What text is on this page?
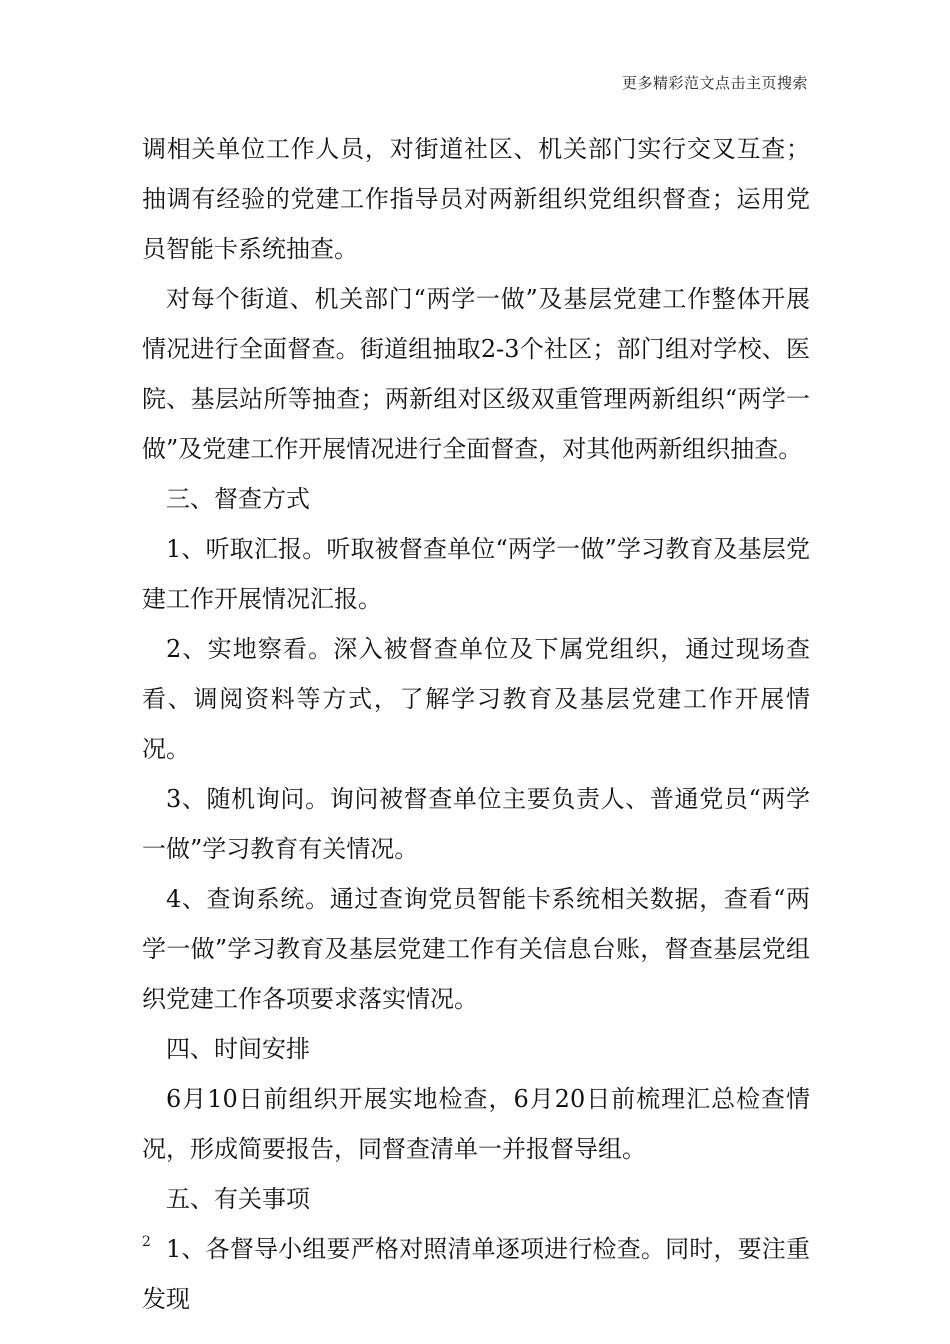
更多精彩范文点击主页搜索

调相关单位工作人员，对街道社区、机关部门实行交叉互查；抽调有经验的党建工作指导员对两新组织党组织督查；运用党员智能卡系统抽查。

对每个街道、机关部门“两学一做”及基层党建工作整体开展情况进行全面督查。街道组抽取2-3个社区；部门组对学校、医院、基层站所等抽查；两新组对区级双重管理两新组织“两学一做”及党建工作开展情况进行全面督查，对其他两新组织抽查。

三、督查方式

1、听取汇报。听取被督查单位“两学一做”学习教育及基层党建工作开展情况汇报。

2、实地察看。深入被督查单位及下属党组织，通过现场查看、调阅资料等方式，了解学习教育及基层党建工作开展情况。

3、随机询问。询问被督查单位主要负责人、普通党员“两学一做”学习教育有关情况。

4、查询系统。通过查询党员智能卡系统相关数据，查看“两学一做”学习教育及基层党建工作有关信息台账，督查基层党组织党建工作各项要求落实情况。

四、时间安排

6月10日前组织开展实地检查，6月20日前梳理汇总检查情况，形成简要报告，同督查清单一并报督导组。

五、有关事项

1、各督导小组要严格对照清单逐项进行检查。同时，要注重发现

2
